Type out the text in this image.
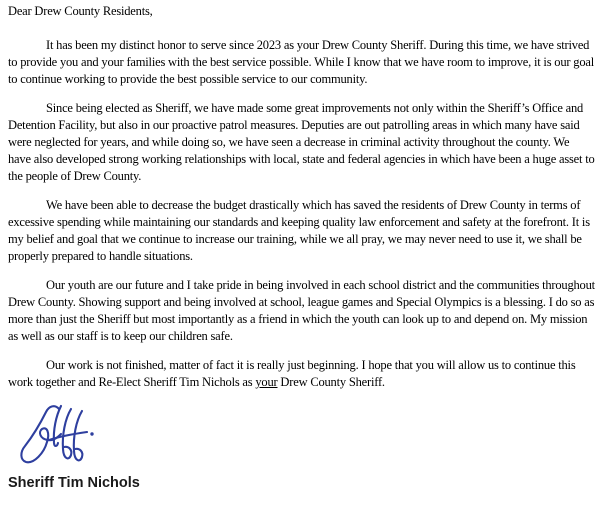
Dear Drew County Residents,

It has been my distinct honor to serve since 2023 as your Drew County Sheriff. During this time, we have strived to provide you and your families with the best service possible. While I know that we have room to improve, it is our goal to continue working to provide the best possible service to our community.

Since being elected as Sheriff, we have made some great improvements not only within the Sheriff’s Office and Detention Facility, but also in our proactive patrol measures. Deputies are out patrolling areas in which many have said were neglected for years, and while doing so, we have seen a decrease in criminal activity throughout the county. We have also developed strong working relationships with local, state and federal agencies in which have been a huge asset to the people of Drew County.

We have been able to decrease the budget drastically which has saved the residents of Drew County in terms of excessive spending while maintaining our standards and keeping quality law enforcement and safety at the forefront. It is my belief and goal that we continue to increase our training, while we all pray, we may never need to use it, we shall be properly prepared to handle situations.

Our youth are our future and I take pride in being involved in each school district and the communities throughout Drew County. Showing support and being involved at school, league games and Special Olympics is a blessing. I do so as more than just the Sheriff but most importantly as a friend in which the youth can look up to and depend on. My mission as well as our staff is to keep our children safe.

Our work is not finished, matter of fact it is really just beginning. I hope that you will allow us to continue this work together and Re-Elect Sheriff Tim Nichols as your Drew County Sheriff.

Sheriff Tim Nichols
